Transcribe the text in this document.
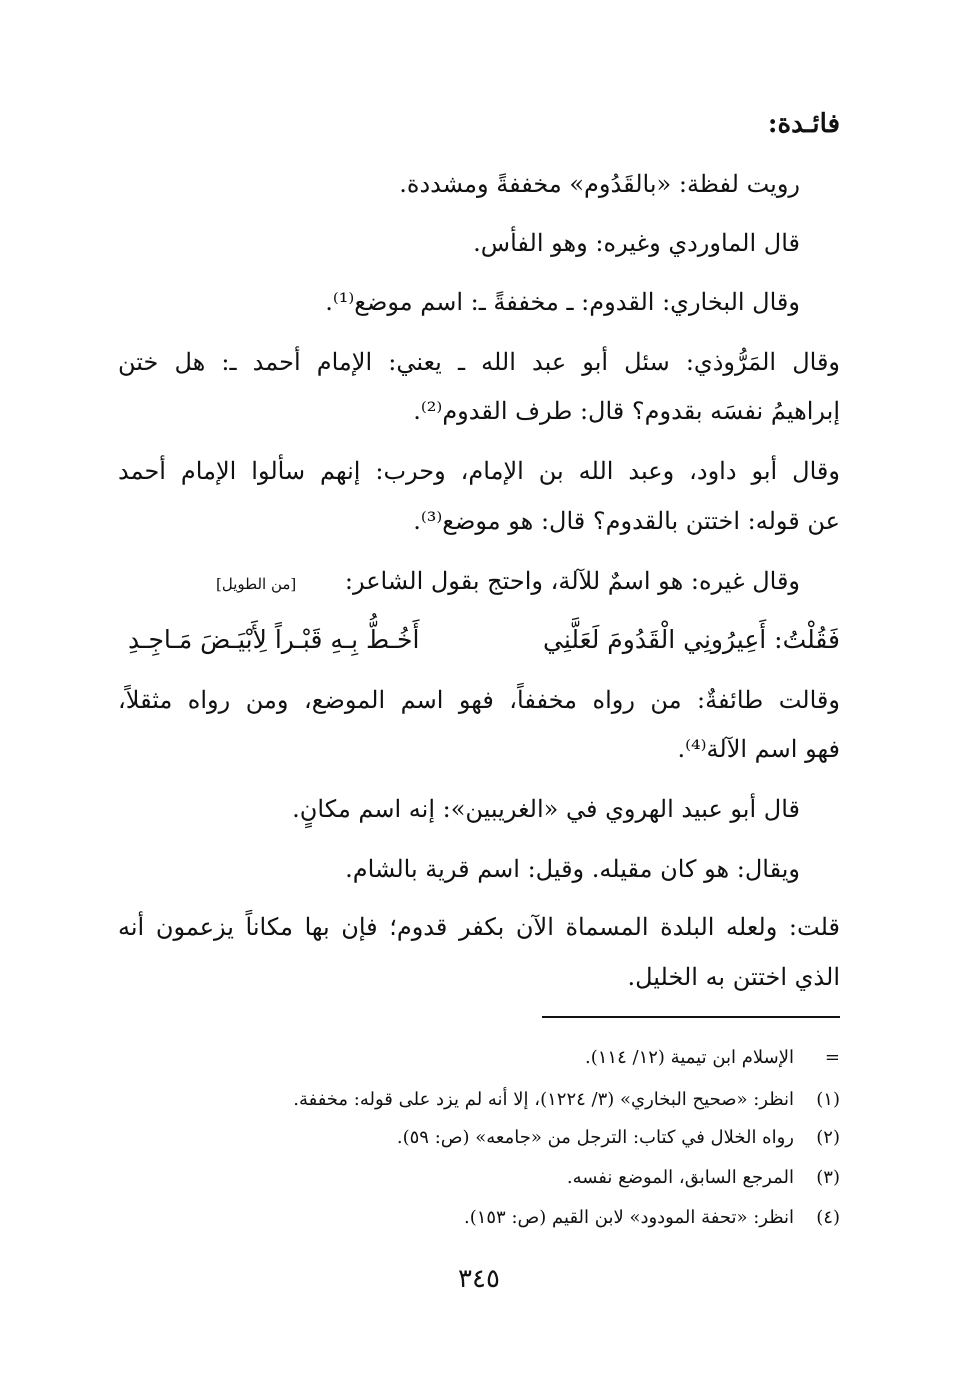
فائـدة:
رويت لفظة: «بالقَدُوم» مخففةً ومشددة.
قال الماوردي وغيره: وهو الفأس.
وقال البخاري: القدوم: ـ مخففةً ـ: اسم موضع⁽¹⁾.
وقال المَرُّوذي: سئل أبو عبد الله ـ يعني: الإمام أحمد ـ: هل ختن
إبراهيمُ نفسَه بقدوم؟ قال: طرف القدوم⁽²⁾.
وقال أبو داود، وعبد الله بن الإمام، وحرب: إنهم سألوا الإمام أحمد
عن قوله: اختتن بالقدوم؟ قال: هو موضع⁽³⁾.
وقال غيره: هو اسمٌ للآلة، واحتج بقول الشاعر:
[من الطويل]
فَقُلْتُ: أَعِيرُونِي الْقَدُومَ لَعَلَّنِي
أَخُـطُّ بِـهِ قَبْـراً لِأَبْيَـضَ مَـاجِـدِ
وقالت طائفةٌ: من رواه مخففاً، فهو اسم الموضع، ومن رواه مثقلاً،
فهو اسم الآلة⁽⁴⁾.
قال أبو عبيد الهروي في «الغريبين»: إنه اسم مكانٍ.
ويقال: هو كان مقيله. وقيل: اسم قرية بالشام.
قلت: ولعله البلدة المسماة الآن بكفر قدوم؛ فإن بها مكاناً يزعمون أنه
الذي اختتن به الخليل.
=الإسلام ابن تيمية (١٢/ ١١٤).
(١)انظر: «صحيح البخاري» (٣/ ١٢٢٤)، إلا أنه لم يزد على قوله: مخففة.
(٢)رواه الخلال في كتاب: الترجل من «جامعه» (ص: ٥٩).
(٣)المرجع السابق، الموضع نفسه.
(٤)انظر: «تحفة المودود» لابن القيم (ص: ١٥٣).
٣٤٥
